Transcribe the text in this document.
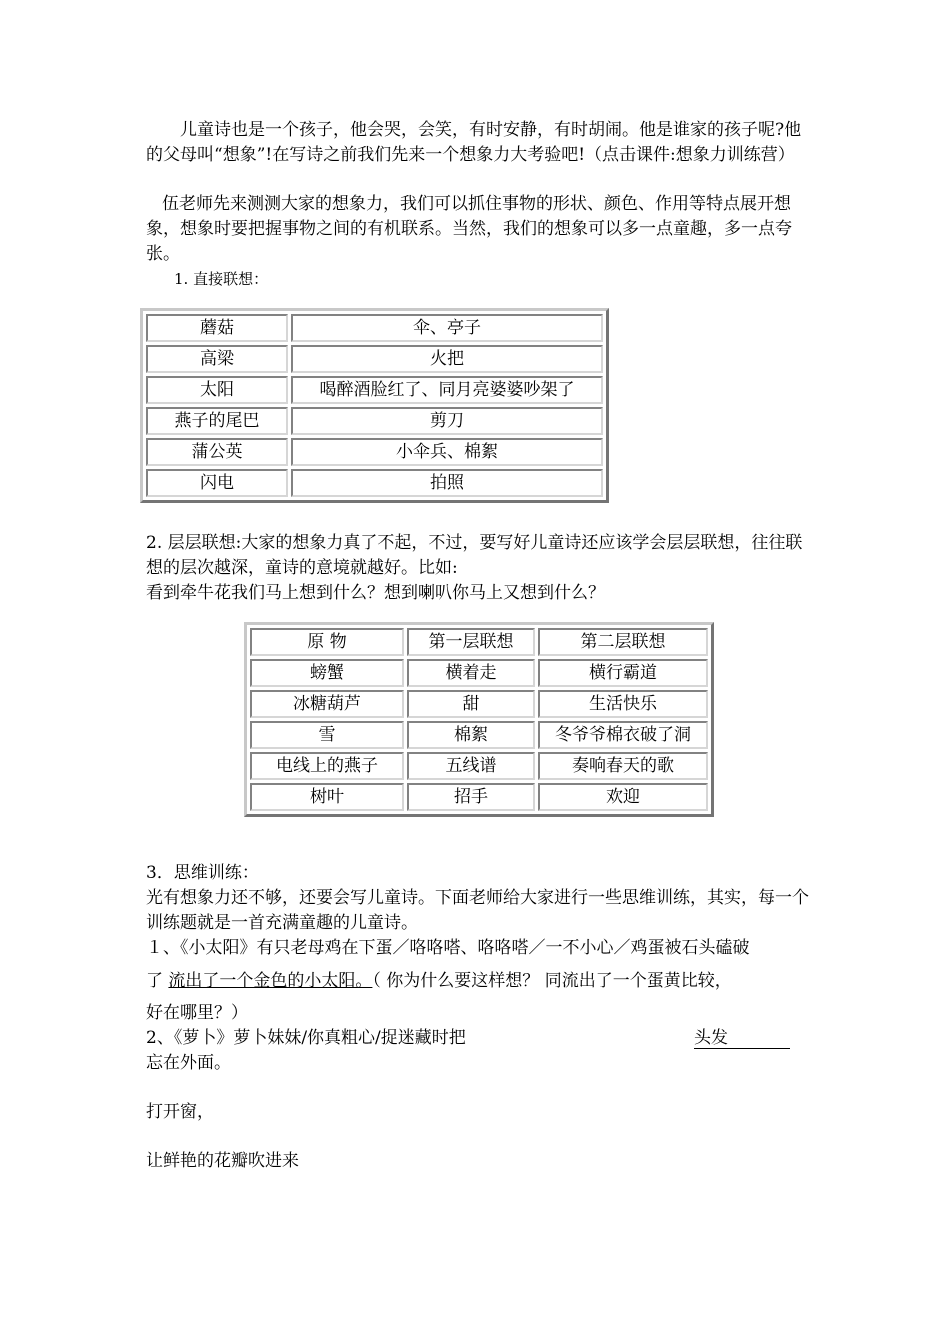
儿童诗也是一个孩子，他会哭，会笑，有时安静，有时胡闹。他是谁家的孩子呢?他的父母叫“想象”!在写诗之前我们先来一个想象力大考验吧!（点击课件:想象力训练营）

伍老师先来测测大家的想象力，我们可以抓住事物的形状、颜色、作用等特点展开想象，想象时要把握事物之间的有机联系。当然，我们的想象可以多一点童趣，多一点夸张。

1. 直接联想：

蘑菇	伞、亭子
高梁	火把
太阳	喝醉酒脸红了、同月亮婆婆吵架了
燕子的尾巴	剪刀
蒲公英	小伞兵、棉絮
闪电	拍照

2. 层层联想:大家的想象力真了不起，不过，要写好儿童诗还应该学会层层联想，往往联想的层次越深，童诗的意境就越好。比如:

看到牵牛花我们马上想到什么？想到喇叭你马上又想到什么？

原 物	第一层联想	第二层联想
螃蟹	横着走	横行霸道
冰糖葫芦	甜	生活快乐
雪	棉絮	冬爷爷棉衣破了洞
电线上的燕子	五线谱	奏响春天的歌
树叶	招手	欢迎

3．思维训练：

光有想象力还不够，还要会写儿童诗。下面老师给大家进行一些思维训练，其实，每一个训练题就是一首充满童趣的儿童诗。

１、《小太阳》有只老母鸡在下蛋／咯咯嗒、咯咯嗒／一不小心／鸡蛋被石头磕破

了 流出了一个金色的小太阳。（ 你为什么要这样想？ 同流出了一个蛋黄比较，

好在哪里？）

2、《萝卜》萝卜妹妹/你真粗心/捉迷藏时把	头发

忘在外面。

打开窗，

让鲜艳的花瓣吹进来
